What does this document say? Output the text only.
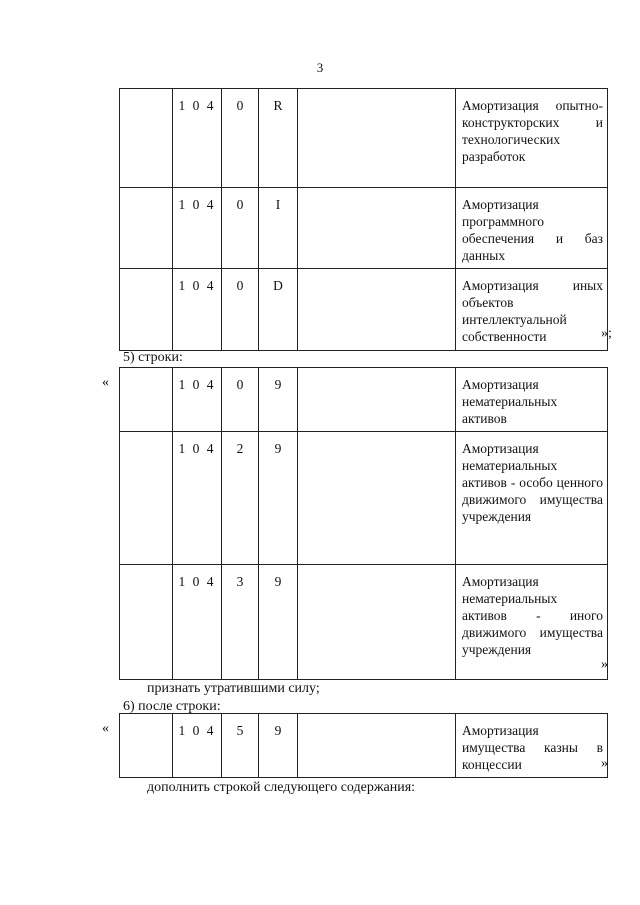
3
	1 0 4	0	R		Амортизация опытно-конструкторских и технологических разработок
	1 0 4	0	I		Амортизация программного обеспечения и баз данных
	1 0 4	0	D		Амортизация иных объектов интеллектуальной собственности	»;
5) строки:
«
		1 0 4	0	9		Амортизация нематериальных активов
	1 0 4	2	9		Амортизация нематериальных активов - особо ценного движимого имущества учреждения
	1 0 4	3	9		Амортизация нематериальных активов - иного движимого имущества учреждения
»
признать утратившими силу;
6) после строки:
«
		1 0 4	5	9		Амортизация имущества казны в концессии	»
дополнить строкой следующего содержания:
